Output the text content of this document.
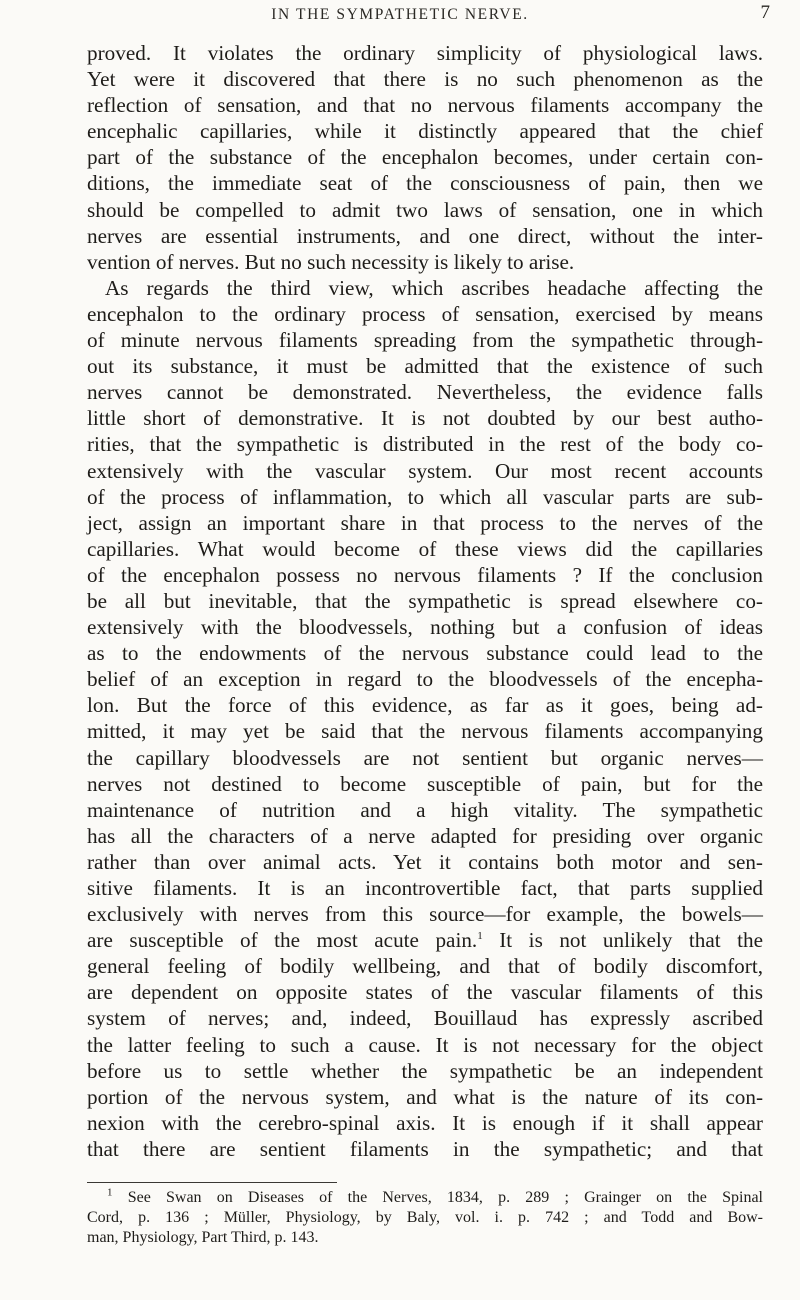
IN THE SYMPATHETIC NERVE.	7
proved. It violates the ordinary simplicity of physiological laws.
Yet were it discovered that there is no such phenomenon as the
reflection of sensation, and that no nervous filaments accompany the
encephalic capillaries, while it distinctly appeared that the chief
part of the substance of the encephalon becomes, under certain con-
ditions, the immediate seat of the consciousness of pain, then we
should be compelled to admit two laws of sensation, one in which
nerves are essential instruments, and one direct, without the inter-
vention of nerves. But no such necessity is likely to arise.
As regards the third view, which ascribes headache affecting the
encephalon to the ordinary process of sensation, exercised by means
of minute nervous filaments spreading from the sympathetic through-
out its substance, it must be admitted that the existence of such
nerves cannot be demonstrated. Nevertheless, the evidence falls
little short of demonstrative. It is not doubted by our best autho-
rities, that the sympathetic is distributed in the rest of the body co-
extensively with the vascular system. Our most recent accounts
of the process of inflammation, to which all vascular parts are sub-
ject, assign an important share in that process to the nerves of the
capillaries. What would become of these views did the capillaries
of the encephalon possess no nervous filaments ? If the conclusion
be all but inevitable, that the sympathetic is spread elsewhere co-
extensively with the bloodvessels, nothing but a confusion of ideas
as to the endowments of the nervous substance could lead to the
belief of an exception in regard to the bloodvessels of the encepha-
lon. But the force of this evidence, as far as it goes, being ad-
mitted, it may yet be said that the nervous filaments accompanying
the capillary bloodvessels are not sentient but organic nerves—
nerves not destined to become susceptible of pain, but for the
maintenance of nutrition and a high vitality. The sympathetic
has all the characters of a nerve adapted for presiding over organic
rather than over animal acts. Yet it contains both motor and sen-
sitive filaments. It is an incontrovertible fact, that parts supplied
exclusively with nerves from this source—for example, the bowels—
are susceptible of the most acute pain.$^1$ It is not unlikely that the
general feeling of bodily wellbeing, and that of bodily discomfort,
are dependent on opposite states of the vascular filaments of this
system of nerves; and, indeed, Bouillaud has expressly ascribed
the latter feeling to such a cause. It is not necessary for the object
before us to settle whether the sympathetic be an independent
portion of the nervous system, and what is the nature of its con-
nexion with the cerebro-spinal axis. It is enough if it shall appear
that there are sentient filaments in the sympathetic; and that
$^1$ See Swan on Diseases of the Nerves, 1834, p. 289 ; Grainger on the Spinal
Cord, p. 136 ; Müller, Physiology, by Baly, vol. i. p. 742 ; and Todd and Bow-
man, Physiology, Part Third, p. 143.
